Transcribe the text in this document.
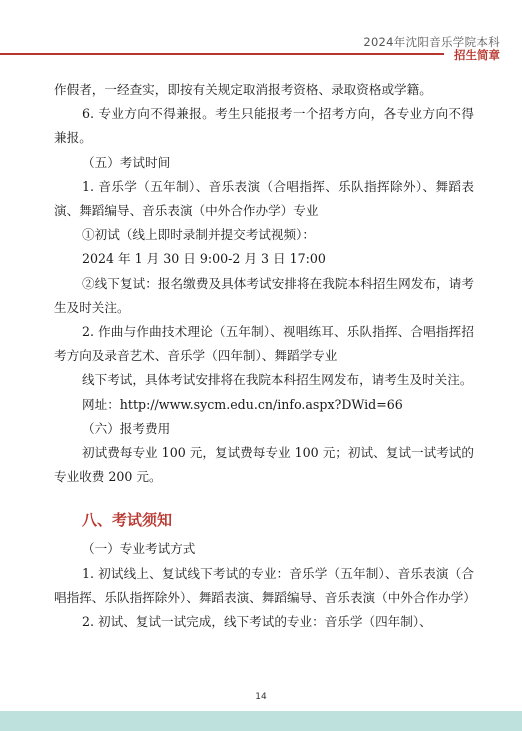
2024年沈阳音乐学院本科
招生简章

作假者，一经查实，即按有关规定取消报考资格、录取资格或学籍。

6. 专业方向不得兼报。考生只能报考一个招考方向，各专业方向不得兼报。

（五）考试时间

1. 音乐学（五年制）、音乐表演（合唱指挥、乐队指挥除外）、舞蹈表演、舞蹈编导、音乐表演（中外合作办学）专业

①初试（线上即时录制并提交考试视频）：

2024 年 1 月 30 日 9:00-2 月 3 日 17:00

②线下复试：报名缴费及具体考试安排将在我院本科招生网发布，请考生及时关注。

2. 作曲与作曲技术理论（五年制）、视唱练耳、乐队指挥、合唱指挥招考方向及录音艺术、音乐学（四年制）、舞蹈学专业

线下考试，具体考试安排将在我院本科招生网发布，请考生及时关注。

网址：http://www.sycm.edu.cn/info.aspx?DWid=66

（六）报考费用

初试费每专业 100 元，复试费每专业 100 元；初试、复试一试考试的专业收费 200 元。

八、考试须知

（一）专业考试方式

1. 初试线上、复试线下考试的专业：音乐学（五年制）、音乐表演（合唱指挥、乐队指挥除外）、舞蹈表演、舞蹈编导、音乐表演（中外合作办学）

2. 初试、复试一试完成，线下考试的专业：音乐学（四年制）、

14
